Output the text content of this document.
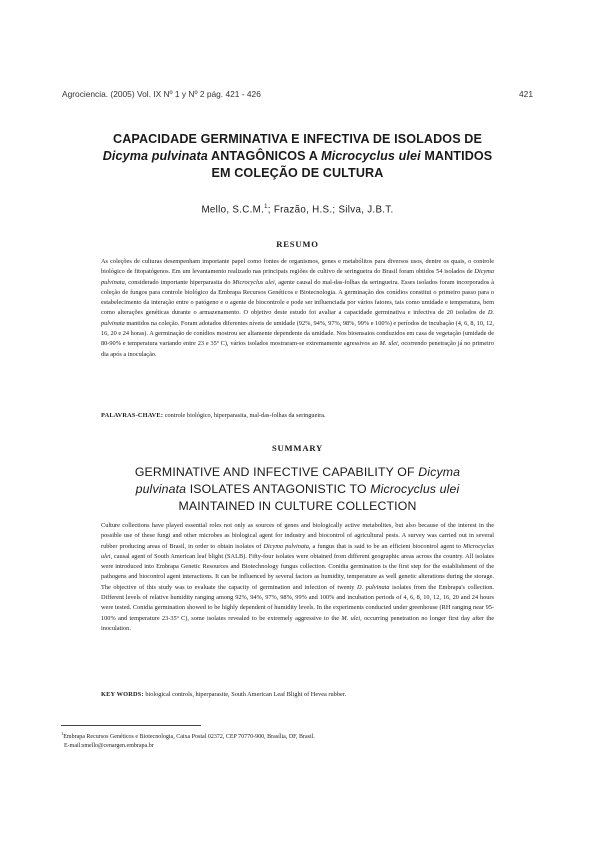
Agrociencia. (2005) Vol. IX Nº 1 y Nº 2 pág. 421 - 426	421
CAPACIDADE GERMINATIVA E INFECTIVA DE ISOLADOS DE
Dicyma pulvinata ANTAGÔNICOS A Microcyclus ulei MANTIDOS
EM COLEÇÃO DE CULTURA
Mello, S.C.M.$^1$; Frazão, H.S.; Silva, J.B.T.
RESUMO

As coleções de culturas desempenham importante papel como fontes de organismos, genes e metabólitos para diversos usos, dentre os quais, o controle biológico de fitopatógenos. Em um levantamento realizado nas principais regiões de cultivo de seringueira do Brasil foram obtidos 54 isolados de Dicyma pulvinata, considerado importante hiperparasita do Microcyclus ulei, agente causal do mal-das-folhas da seringueira. Esses isolados foram incorporados à coleção de fungos para controle biológico da Embrapa Recursos Genéticos e Biotecnologia. A germinação dos conídios constitui o primeiro passo para o estabelecimento da interação entre o patógeno e o agente de biocontrole e pode ser influenciada por vários fatores, tais como umidade e temperatura, bem como alterações genéticas durante o armazenamento. O objetivo deste estudo foi avaliar a capacidade germinativa e infectiva de 20 isolados de D. pulvinata mantidos na coleção. Foram adotados diferentes níveis de umidade (92%, 94%, 97%, 98%, 99% e 100%) e períodos de incubação (4, 6, 8, 10, 12, 16, 20 e 24 horas). A germinação de conídios mostrou ser altamente dependente da umidade. Nos bioensaios conduzidos em casa de vegetação (umidade de 80-90% e temperatura variando entre 23 e 35º C), vários isolados mostraram-se extremamente agressivos ao M. ulei, ocorrendo penetração já no primeiro dia após a inoculação.

PALAVRAS-CHAVE: controle biológico, hiperparasita, mal-das-folhas da seringueira.
SUMMARY
GERMINATIVE AND INFECTIVE CAPABILITY OF Dicyma
pulvinata ISOLATES ANTAGONISTIC TO Microcyclus ulei
MAINTAINED IN CULTURE COLLECTION

Culture collections have played essential roles not only as sources of genes and biologically active metabolites, but also because of the interest in the possible use of these fungi and other microbes as biological agent for industry and biocontrol of agricultural pests. A survey was carried out in several rubber producing areas of Brasil, in order to obtain isolates of Dicyma pulvinata, a fungus that is said to be an efficient biocontrol agent to Microcyclus ulei, causal agent of South American leaf blight (SALB). Fifty-four isolates were obtained from different geographic areas across the country. All isolates were introduced into Embrapa Genetic Resources and Biotechnology fungus collection. Conidia germination is the first step for the establishment of the pathogens and biocontrol agent interactions. It can be influenced by several factors as humidity, temperature as well genetic alterations during the storage. The objective of this study was to evaluate the capacity of germination and infection of twenty D. pulvinata isolates from the Embrapa's collection. Different levels of relative humidity ranging among 92%, 94%, 97%, 98%, 99% and 100% and incubation periods of 4, 6, 8, 10, 12, 16, 20 and 24 hours were tested. Conidia germination showed to be highly dependent of humidity levels. In the experiments conducted under greenhouse (RH ranging near 95-100% and temperature 23-35º C), some isolates revealed to be extremely aggressive to the M. ulei, occurring penetration no longer first day after the inoculation.

KEY WORDS: biological controls, hiperparasite, South American Leaf Blight of Hevea rubber.
$^1$Embrapa Recursos Genéticos e Biotecnologia, Caixa Postal 02372, CEP 70770-900, Brasília, DF, Brasil.
E-mail:smello@cenargen.embrapa.br
